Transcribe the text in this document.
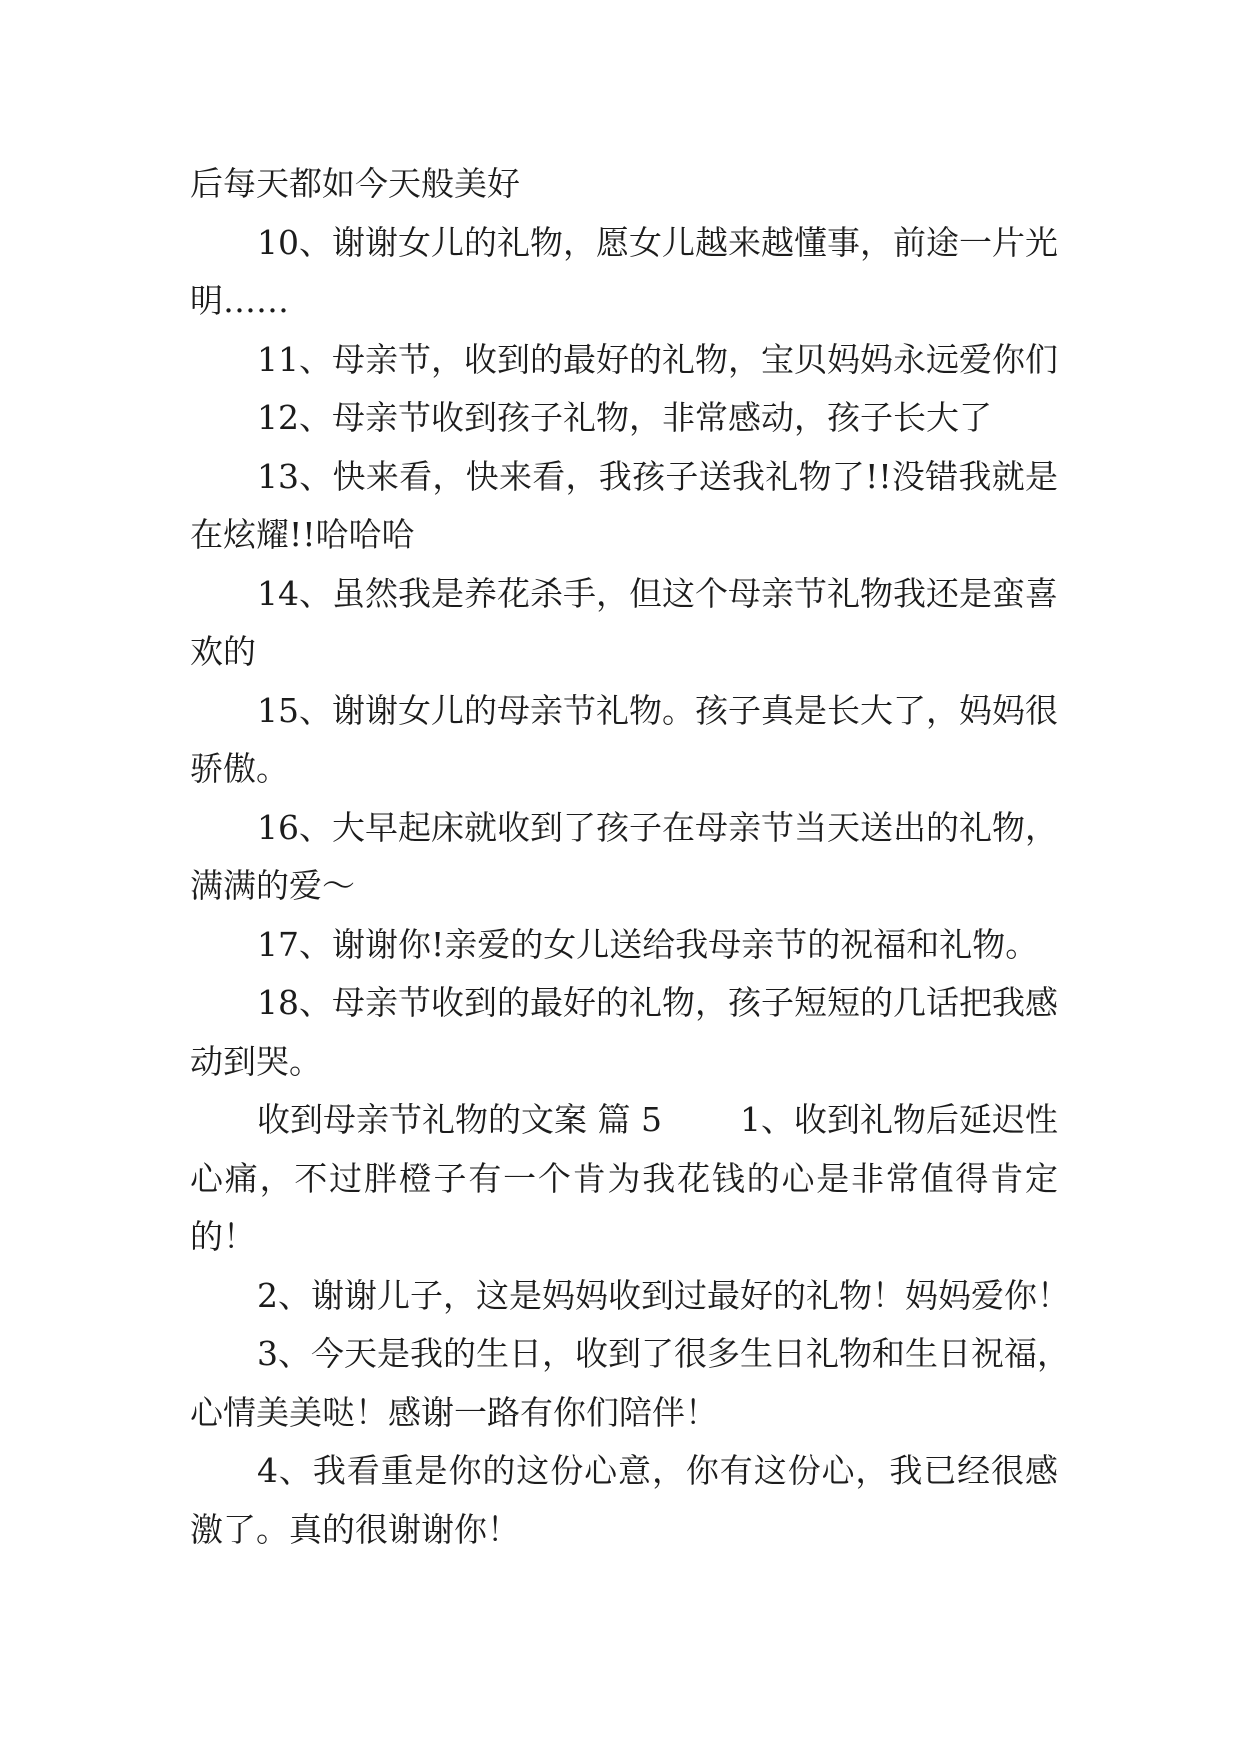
后每天都如今天般美好
10、谢谢女儿的礼物，愿女儿越来越懂事，前途一片光
明……
11、母亲节，收到的最好的礼物，宝贝妈妈永远爱你们
12、母亲节收到孩子礼物，非常感动，孩子长大了
13、快来看，快来看，我孩子送我礼物了!!没错我就是
在炫耀!!哈哈哈
14、虽然我是养花杀手，但这个母亲节礼物我还是蛮喜
欢的
15、谢谢女儿的母亲节礼物。孩子真是长大了，妈妈很
骄傲。
16、大早起床就收到了孩子在母亲节当天送出的礼物，
满满的爱～
17、谢谢你!亲爱的女儿送给我母亲节的祝福和礼物。
18、母亲节收到的最好的礼物，孩子短短的几话把我感
动到哭。
收到母亲节礼物的文案 篇 5 1、收到礼物后延迟性
心痛，不过胖橙子有一个肯为我花钱的心是非常值得肯定
的！
2、谢谢儿子，这是妈妈收到过最好的礼物！妈妈爱你！
3、今天是我的生日，收到了很多生日礼物和生日祝福，
心情美美哒！感谢一路有你们陪伴！
4、我看重是你的这份心意，你有这份心，我已经很感
激了。真的很谢谢你！
